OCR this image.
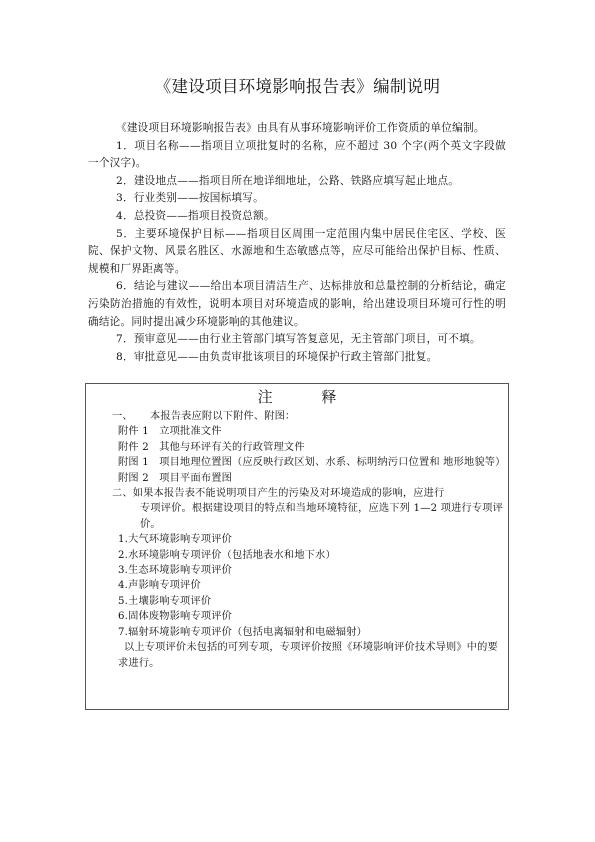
《建设项目环境影响报告表》编制说明

《建设项目环境影响报告表》由具有从事环境影响评价工作资质的单位编制。

1．项目名称——指项目立项批复时的名称，应不超过 30 个字(两个英文字段做一个汉字)。

2．建设地点——指项目所在地详细地址，公路、铁路应填写起止地点。

3．行业类别——按国标填写。

4．总投资——指项目投资总额。

5．主要环境保护目标——指项目区周围一定范围内集中居民住宅区、学校、医院、保护文物、风景名胜区、水源地和生态敏感点等，应尽可能给出保护目标、性质、规模和厂界距离等。

6．结论与建议——给出本项目清洁生产、达标排放和总量控制的分析结论，确定污染防治措施的有效性，说明本项目对环境造成的影响，给出建设项目环境可行性的明确结论。同时提出减少环境影响的其他建议。

7．预审意见——由行业主管部门填写答复意见，无主管部门项目，可不填。

8．审批意见——由负责审批该项目的环境保护行政主管部门批复。

注 释
一、 本报告表应附以下附件、附图：
附件 1　立项批准文件
附件 2　其他与环评有关的行政管理文件
附图 1　项目地理位置图（应反映行政区划、水系、标明纳污口位置和 地形地貌等）
附图 2　项目平面布置图
二、如果本报告表不能说明项目产生的污染及对环境造成的影响，应进行
专项评价。根据建设项目的特点和当地环境特征，应选下列 1—2 项进行专项评价。
1.大气环境影响专项评价
2.水环境影响专项评价（包括地表水和地下水）
3.生态环境影响专项评价
4.声影响专项评价
5.土壤影响专项评价
6.固体废物影响专项评价
7.辐射环境影响专项评价（包括电离辐射和电磁辐射）
以上专项评价未包括的可列专项，专项评价按照《环境影响评价技术导则》中的要求进行。
